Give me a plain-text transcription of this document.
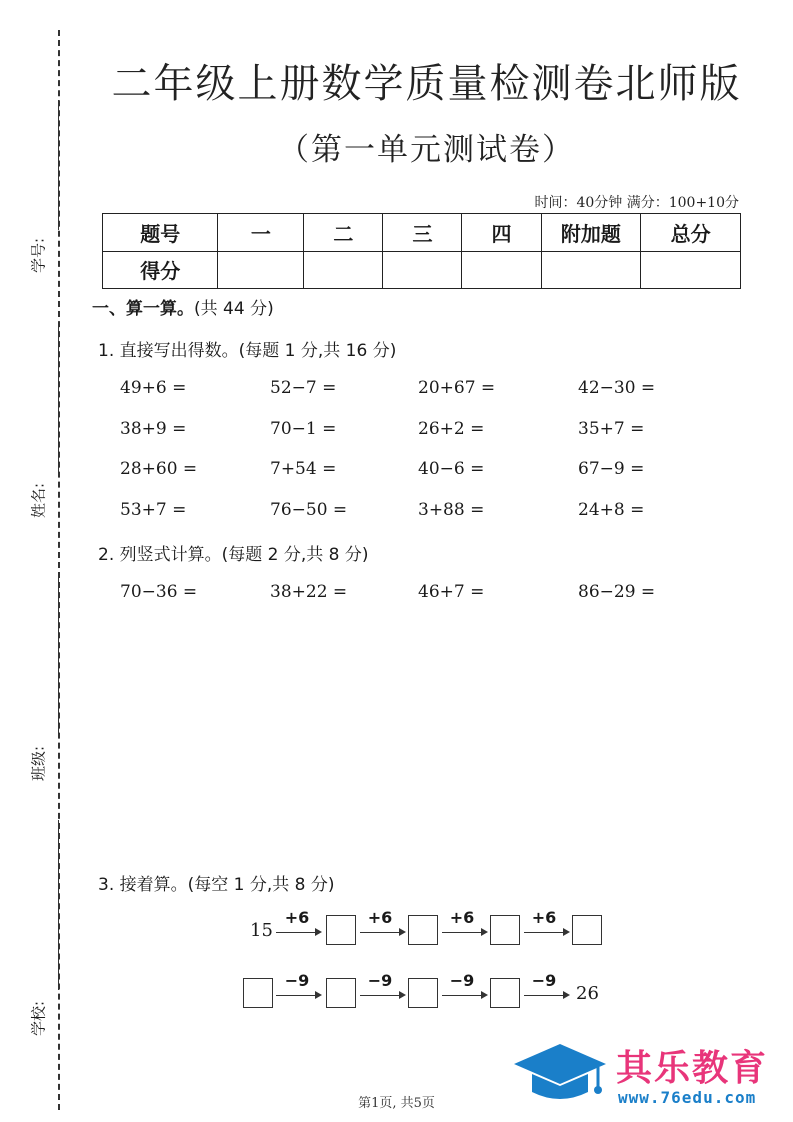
学号:
姓名:
班级:
学校:
二年级上册数学质量检测卷北师版
（第一单元测试卷）
时间：40分钟 满分：100+10分
题号	一	二	三	四	附加题	总分
得分						
一、算一算。(共 44 分)
1. 直接写出得数。(每题 1 分,共 16 分)
49+6 =	52−7 =	20+67 =	42−30 =
38+9 =	70−1 =	26+2 =	35+7 =
28+60 =	7+54 =	40−6 =	67−9 =
53+7 =	76−50 =	3+88 =	24+8 =
2. 列竖式计算。(每题 2 分,共 8 分)
70−36 =	38+22 =	46+7 =	86−29 =
3. 接着算。(每空 1 分,共 8 分)
15
+6	+6	+6	+6
−9	−9	−9	−9
26
第1页, 共5页
其乐教育
www.76edu.com
